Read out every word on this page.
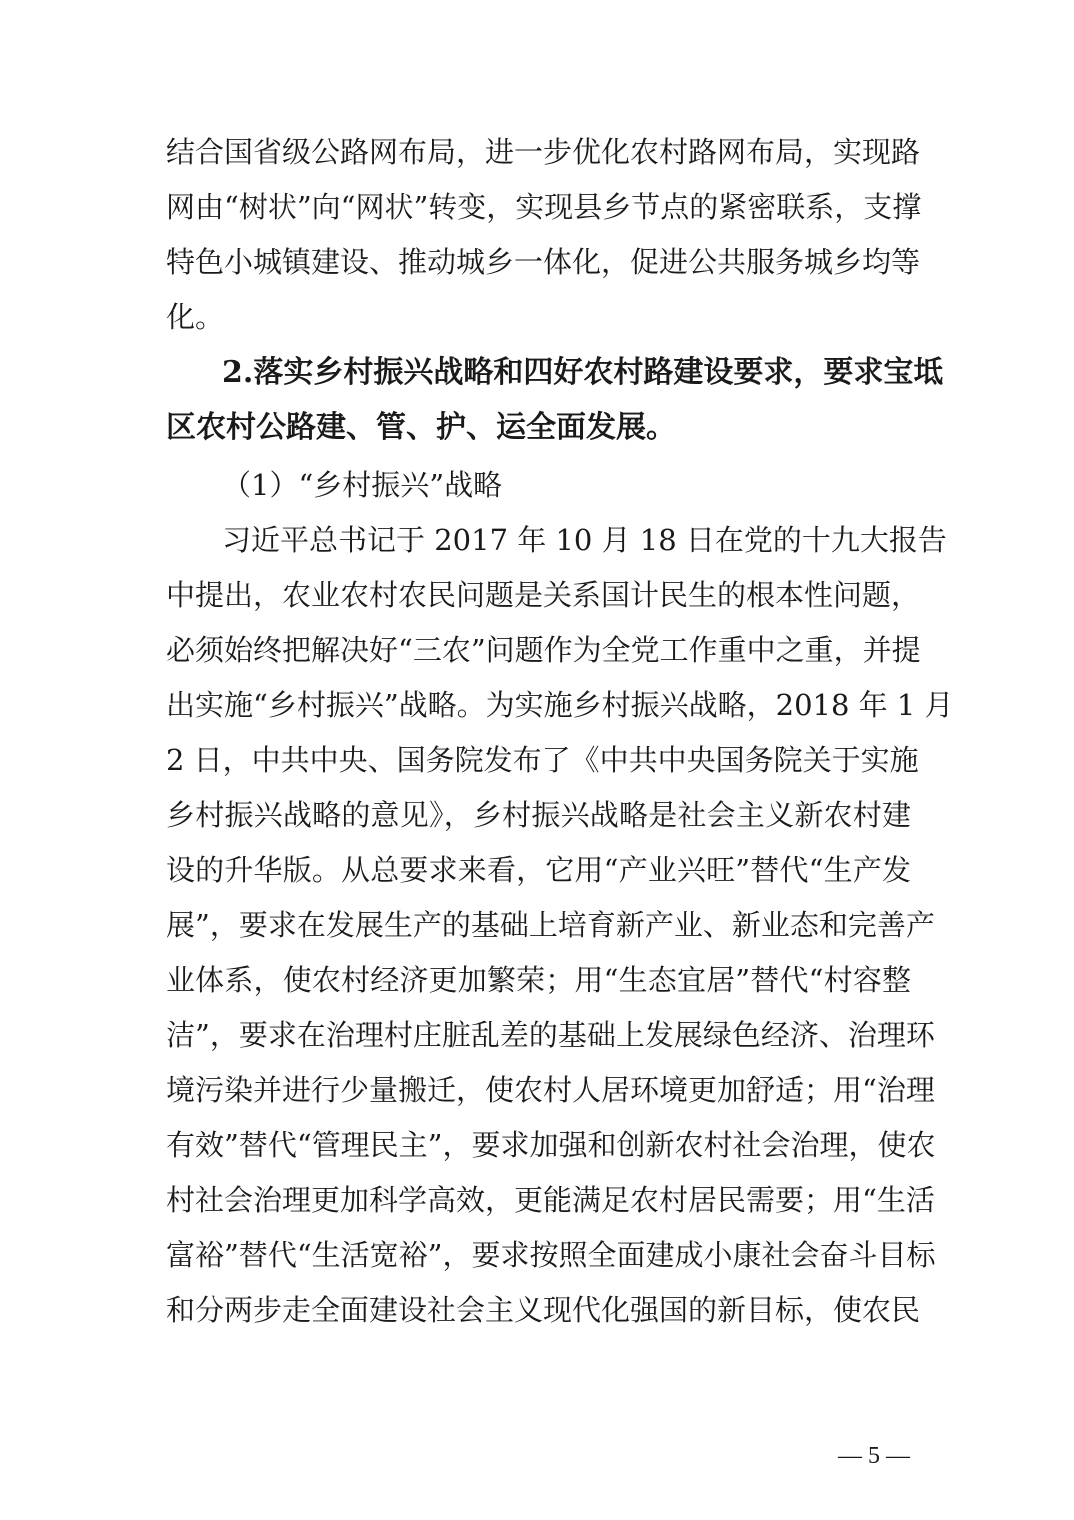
结合国省级公路网布局，进一步优化农村路网布局，实现路
网由“树状”向“网状”转变，实现县乡节点的紧密联系，支撑
特色小城镇建设、推动城乡一体化，促进公共服务城乡均等
化。
2.落实乡村振兴战略和四好农村路建设要求，要求宝坻
区农村公路建、管、护、运全面发展。
（1）“乡村振兴”战略
习近平总书记于 2017 年 10 月 18 日在党的十九大报告
中提出，农业农村农民问题是关系国计民生的根本性问题，
必须始终把解决好“三农”问题作为全党工作重中之重，并提
出实施“乡村振兴”战略。为实施乡村振兴战略，2018 年 1 月
2 日，中共中央、国务院发布了《中共中央国务院关于实施
乡村振兴战略的意见》，乡村振兴战略是社会主义新农村建
设的升华版。从总要求来看，它用“产业兴旺”替代“生产发
展”，要求在发展生产的基础上培育新产业、新业态和完善产
业体系，使农村经济更加繁荣；用“生态宜居”替代“村容整
洁”，要求在治理村庄脏乱差的基础上发展绿色经济、治理环
境污染并进行少量搬迁，使农村人居环境更加舒适；用“治理
有效”替代“管理民主”，要求加强和创新农村社会治理，使农
村社会治理更加科学高效，更能满足农村居民需要；用“生活
富裕”替代“生活宽裕”，要求按照全面建成小康社会奋斗目标
和分两步走全面建设社会主义现代化强国的新目标，使农民
— 5 —
